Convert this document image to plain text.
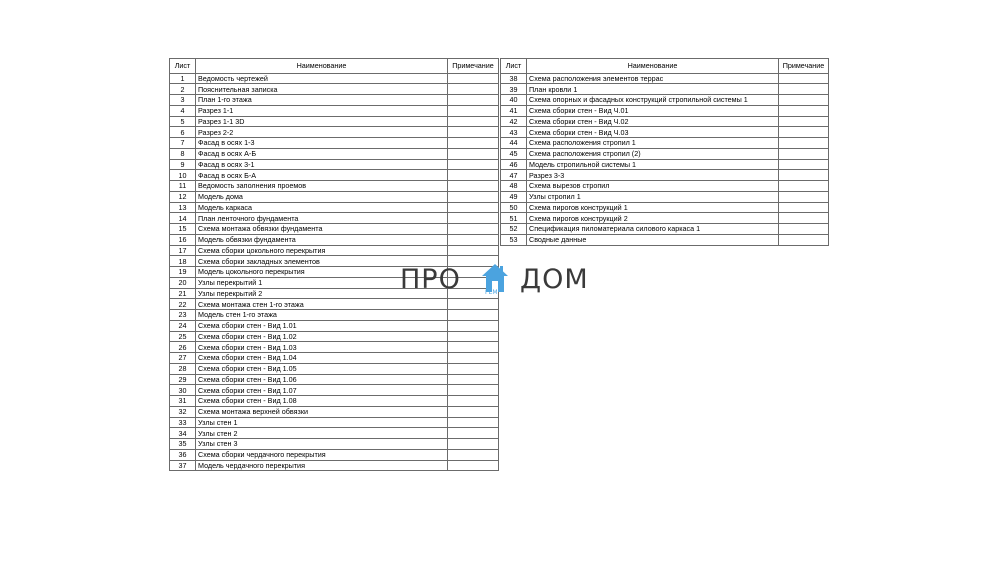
Лист	Наименование	Примечание
1	Ведомость чертежей	
2	Пояснительная записка	
3	План 1-го этажа	
4	Разрез 1-1	
5	Разрез 1-1 3D	
6	Разрез 2-2	
7	Фасад в осях 1-3	
8	Фасад в осях А-Б	
9	Фасад в осях 3-1	
10	Фасад в осях Б-А	
11	Ведомость заполнения проемов	
12	Модель дома	
13	Модель каркаса	
14	План ленточного фундамента	
15	Схема монтажа обвязки фундамента	
16	Модель обвязки фундамента	
17	Схема сборки цокольного перекрытия	
18	Схема сборки закладных элементов	
19	Модель цокольного перекрытия	
20	Узлы перекрытий 1	
21	Узлы перекрытий 2	
22	Схема монтажа стен 1-го этажа	
23	Модель стен 1-го этажа	
24	Схема сборки стен - Вид 1.01	
25	Схема сборки стен - Вид 1.02	
26	Схема сборки стен - Вид 1.03	
27	Схема сборки стен - Вид 1.04	
28	Схема сборки стен - Вид 1.05	
29	Схема сборки стен - Вид 1.06	
30	Схема сборки стен - Вид 1.07	
31	Схема сборки стен - Вид 1.08	
32	Схема монтажа верхней обвязки	
33	Узлы стен 1	
34	Узлы стен 2	
35	Узлы стен 3	
36	Схема сборки чердачного перекрытия	
37	Модель чердачного перекрытия	
Лист	Наименование	Примечание
38	Схема расположения элементов террас	
39	План кровли 1	
40	Схема опорных и фасадных конструкций стропильной системы 1	
41	Схема сборки стен - Вид Ч.01	
42	Схема сборки стен - Вид Ч.02	
43	Схема сборки стен - Вид Ч.03	
44	Схема расположения стропил 1	
45	Схема расположения стропил (2)	
46	Модель стропильной системы 1	
47	Разрез 3-3	
48	Схема вырезов стропил	
49	Узлы стропил 1	
50	Схема пирогов конструкций 1	
51	Схема пирогов конструкций 2	
52	Спецификация пиломатериала силового каркаса 1	
53	Сводные данные	
ПРО	РЕМ ДОМ
